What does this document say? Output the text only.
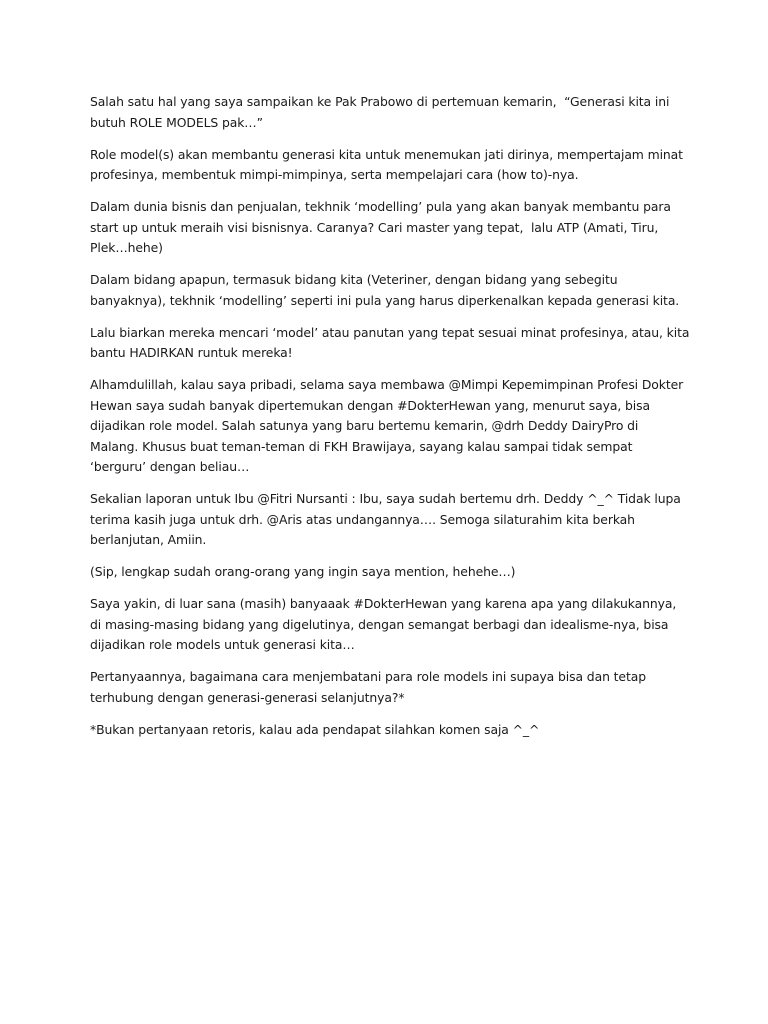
Salah satu hal yang saya sampaikan ke Pak Prabowo di pertemuan kemarin,  “Generasi kita ini butuh ROLE MODELS pak…”

Role model(s) akan membantu generasi kita untuk menemukan jati dirinya, mempertajam minat profesinya, membentuk mimpi-mimpinya, serta mempelajari cara (how to)-nya.

Dalam dunia bisnis dan penjualan, tekhnik ‘modelling’ pula yang akan banyak membantu para start up untuk meraih visi bisnisnya. Caranya? Cari master yang tepat,  lalu ATP (Amati, Tiru, Plek…hehe)

Dalam bidang apapun, termasuk bidang kita (Veteriner, dengan bidang yang sebegitu banyaknya), tekhnik ‘modelling’ seperti ini pula yang harus diperkenalkan kepada generasi kita.

Lalu biarkan mereka mencari ‘model’ atau panutan yang tepat sesuai minat profesinya, atau, kita bantu HADIRKAN runtuk mereka!

Alhamdulillah, kalau saya pribadi, selama saya membawa @Mimpi Kepemimpinan Profesi Dokter Hewan saya sudah banyak dipertemukan dengan #DokterHewan yang, menurut saya, bisa dijadikan role model. Salah satunya yang baru bertemu kemarin, @drh Deddy DairyPro di Malang. Khusus buat teman-teman di FKH Brawijaya, sayang kalau sampai tidak sempat ‘berguru’ dengan beliau…

Sekalian laporan untuk Ibu @Fitri Nursanti : Ibu, saya sudah bertemu drh. Deddy ^_^ Tidak lupa terima kasih juga untuk drh. @Aris atas undangannya…. Semoga silaturahim kita berkah berlanjutan, Amiin.

(Sip, lengkap sudah orang-orang yang ingin saya mention, hehehe…)

Saya yakin, di luar sana (masih) banyaaak #DokterHewan yang karena apa yang dilakukannya, di masing-masing bidang yang digelutinya, dengan semangat berbagi dan idealisme-nya, bisa dijadikan role models untuk generasi kita…

Pertanyaannya, bagaimana cara menjembatani para role models ini supaya bisa dan tetap terhubung dengan generasi-generasi selanjutnya?*

*Bukan pertanyaan retoris, kalau ada pendapat silahkan komen saja ^_^
